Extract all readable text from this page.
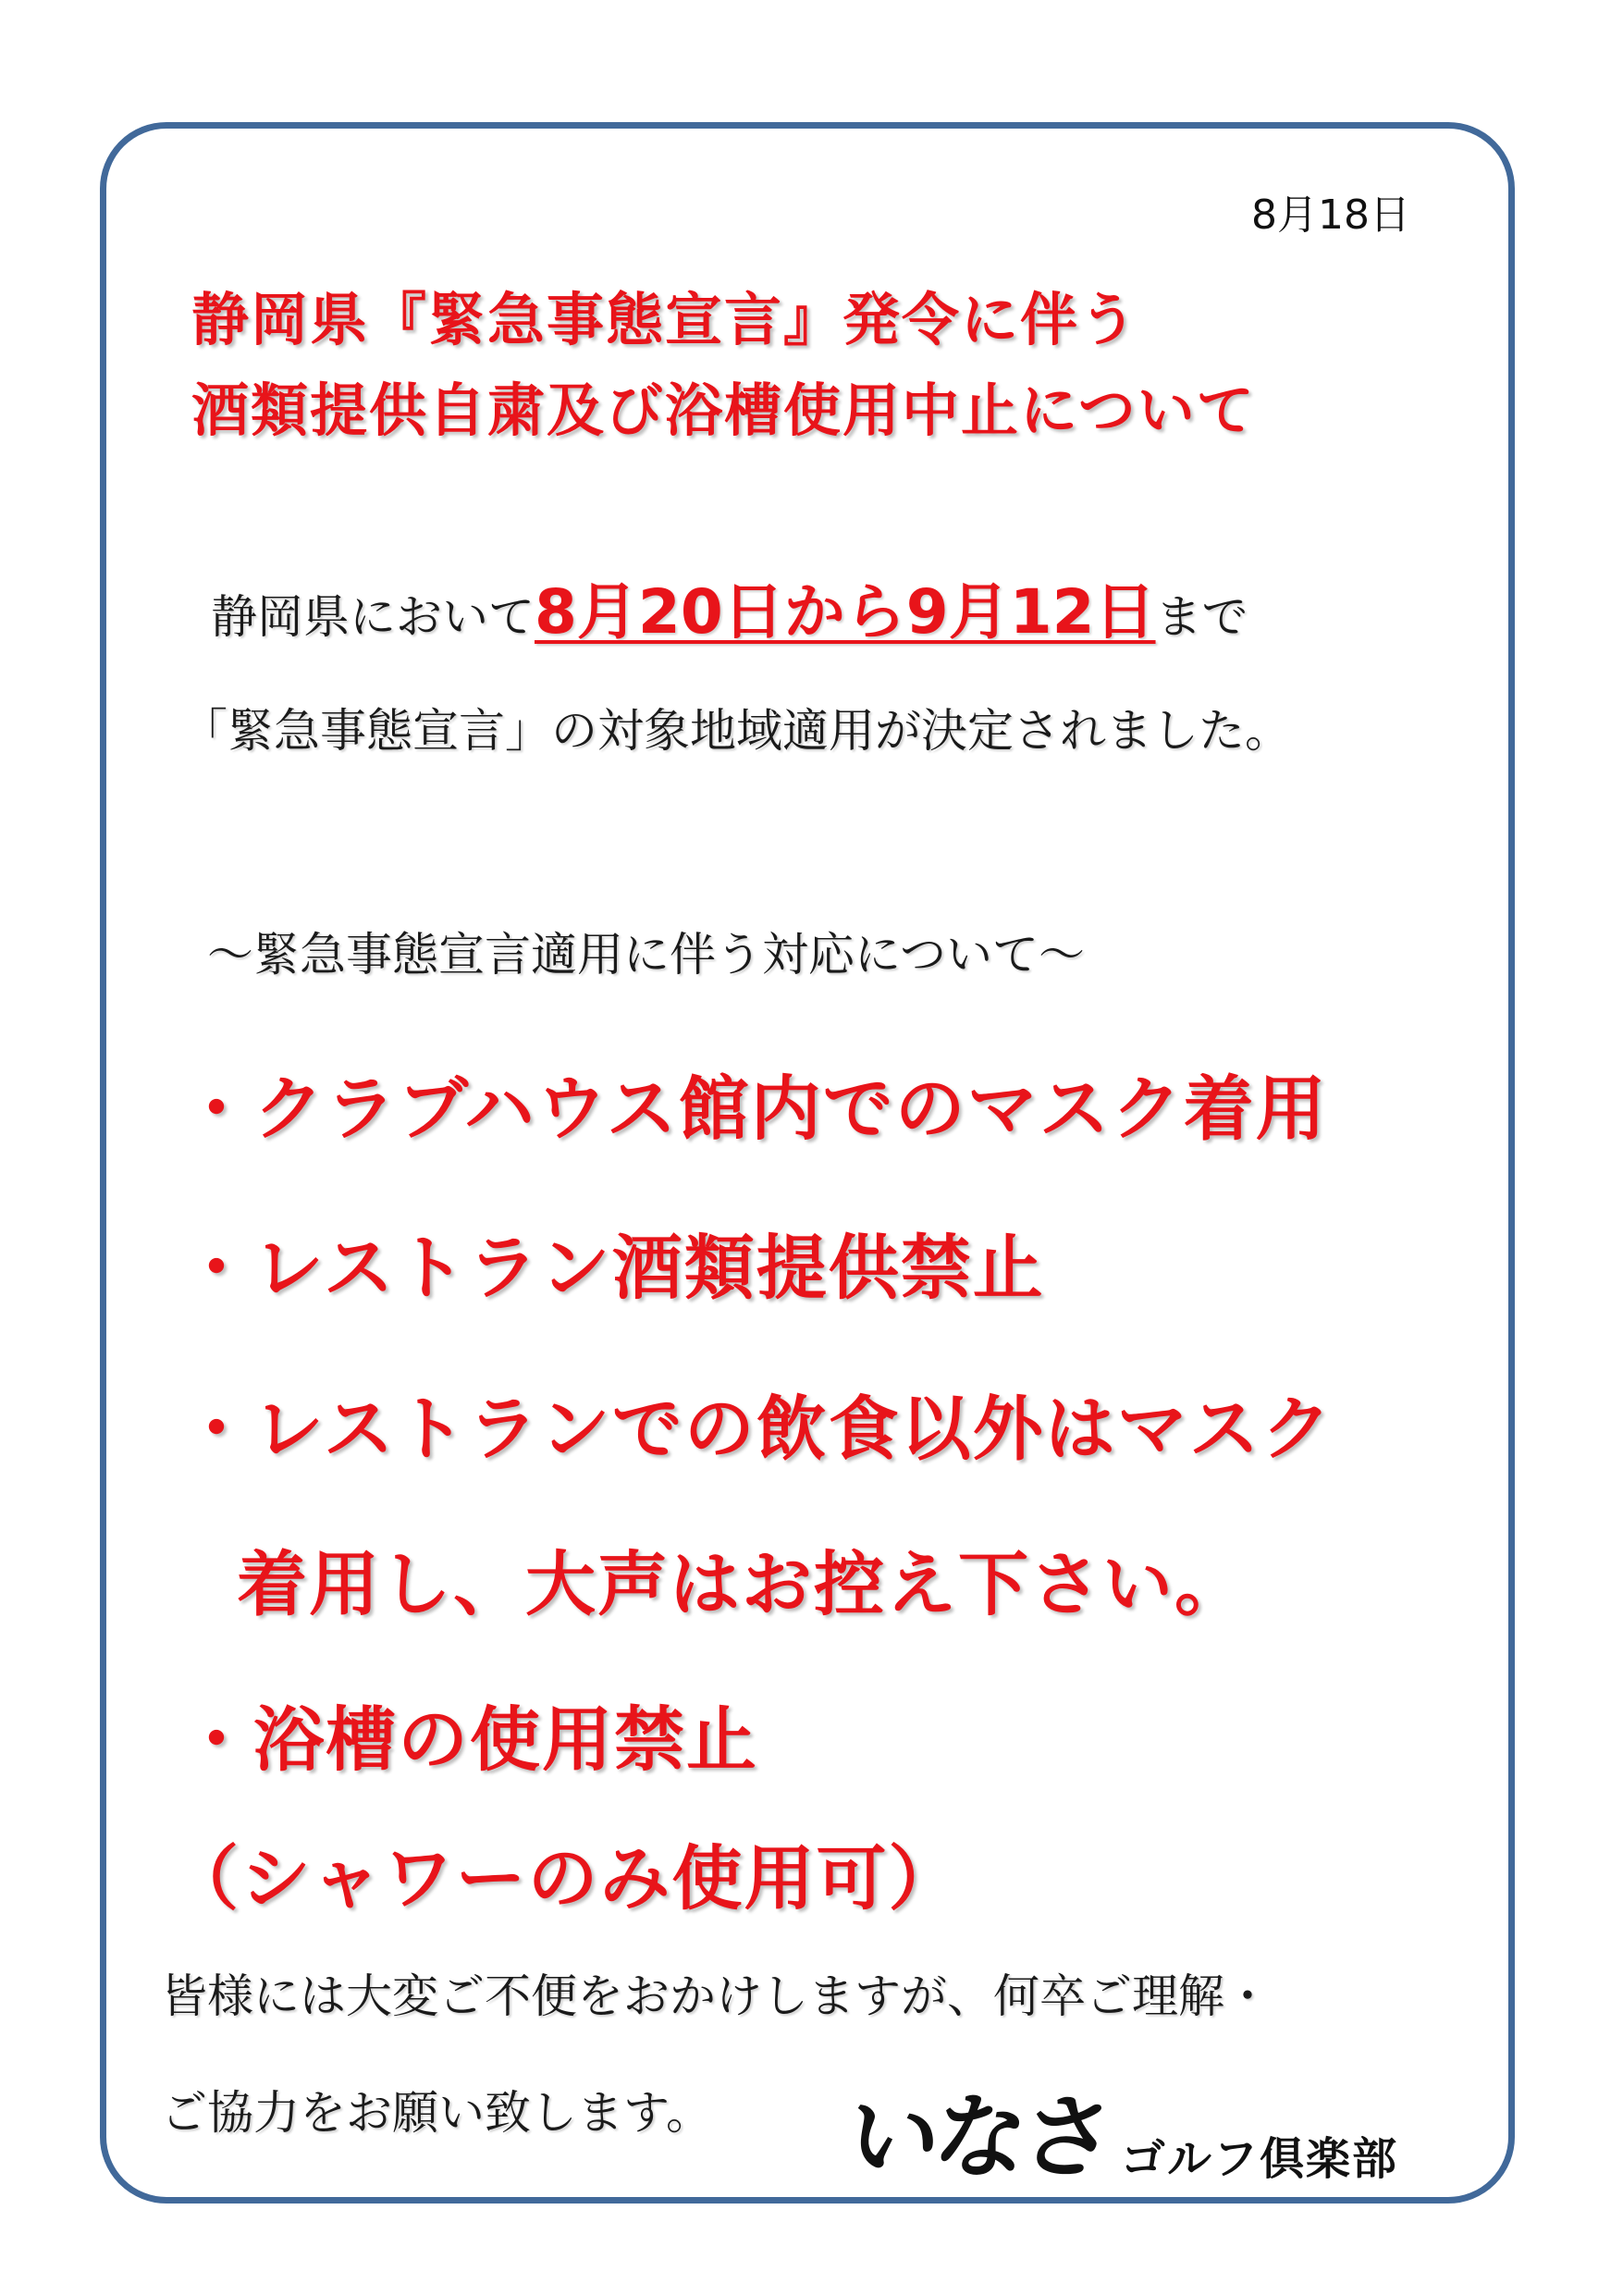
8月18日
静岡県『緊急事態宣言』発令に伴う
酒類提供自粛及び浴槽使用中止について
静岡県において8月20日から9月12日まで
「緊急事態宣言」の対象地域適用が決定されました。
～緊急事態宣言適用に伴う対応について～
・クラブハウス館内でのマスク着用
・レストラン酒類提供禁止
・レストランでの飲食以外はマスク
着用し、大声はお控え下さい。
・浴槽の使用禁止
（シャワーのみ使用可）
皆様には大変ご不便をおかけしますが、何卒ご理解・
ご協力をお願い致します。 いなさ ゴルフ倶楽部
